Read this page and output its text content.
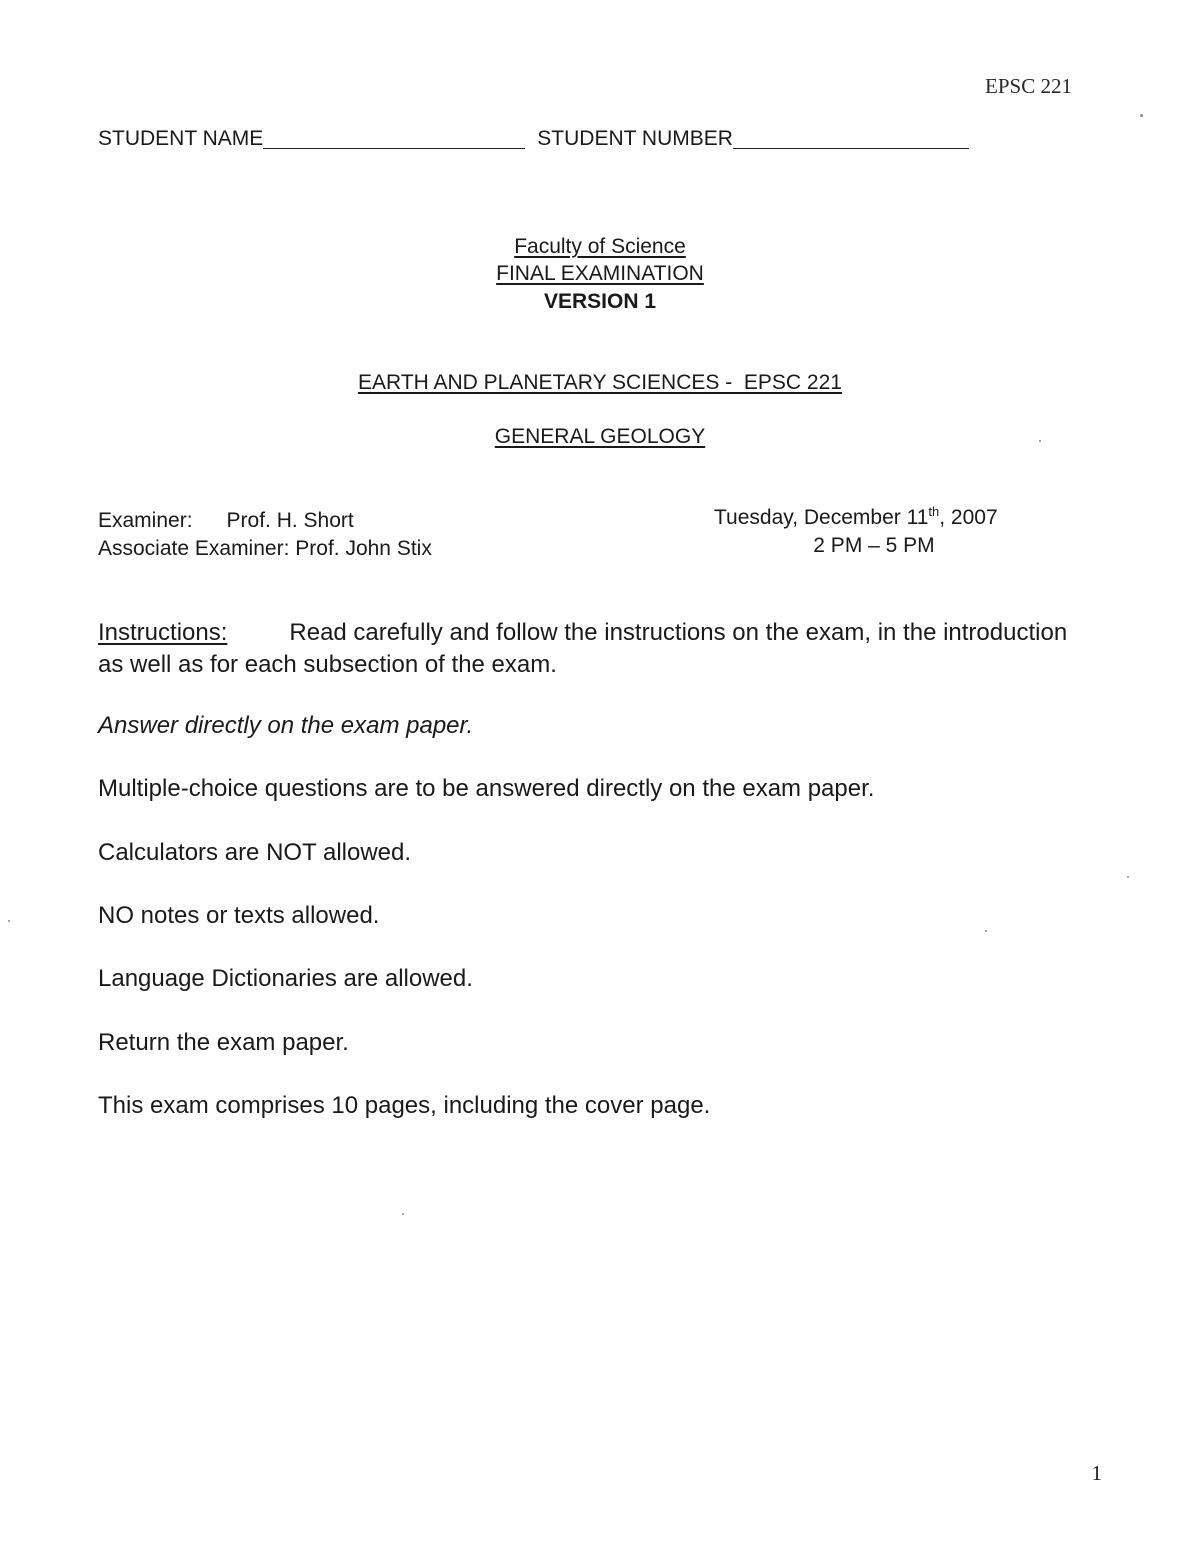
EPSC 221
STUDENT NAME	STUDENT NUMBER
Faculty of Science
FINAL EXAMINATION
VERSION 1
EARTH AND PLANETARY SCIENCES -  EPSC 221
GENERAL GEOLOGY
Examiner: Prof. H. Short
Associate Examiner: Prof. John Stix
Tuesday, December 11th, 2007
2 PM – 5 PM
Instructions:	Read carefully and follow the instructions on the exam, in the introduction as well as for each subsection of the exam.
Answer directly on the exam paper.
Multiple-choice questions are to be answered directly on the exam paper.
Calculators are NOT allowed.
NO notes or texts allowed.
Language Dictionaries are allowed.
Return the exam paper.
This exam comprises 10 pages, including the cover page.
1
